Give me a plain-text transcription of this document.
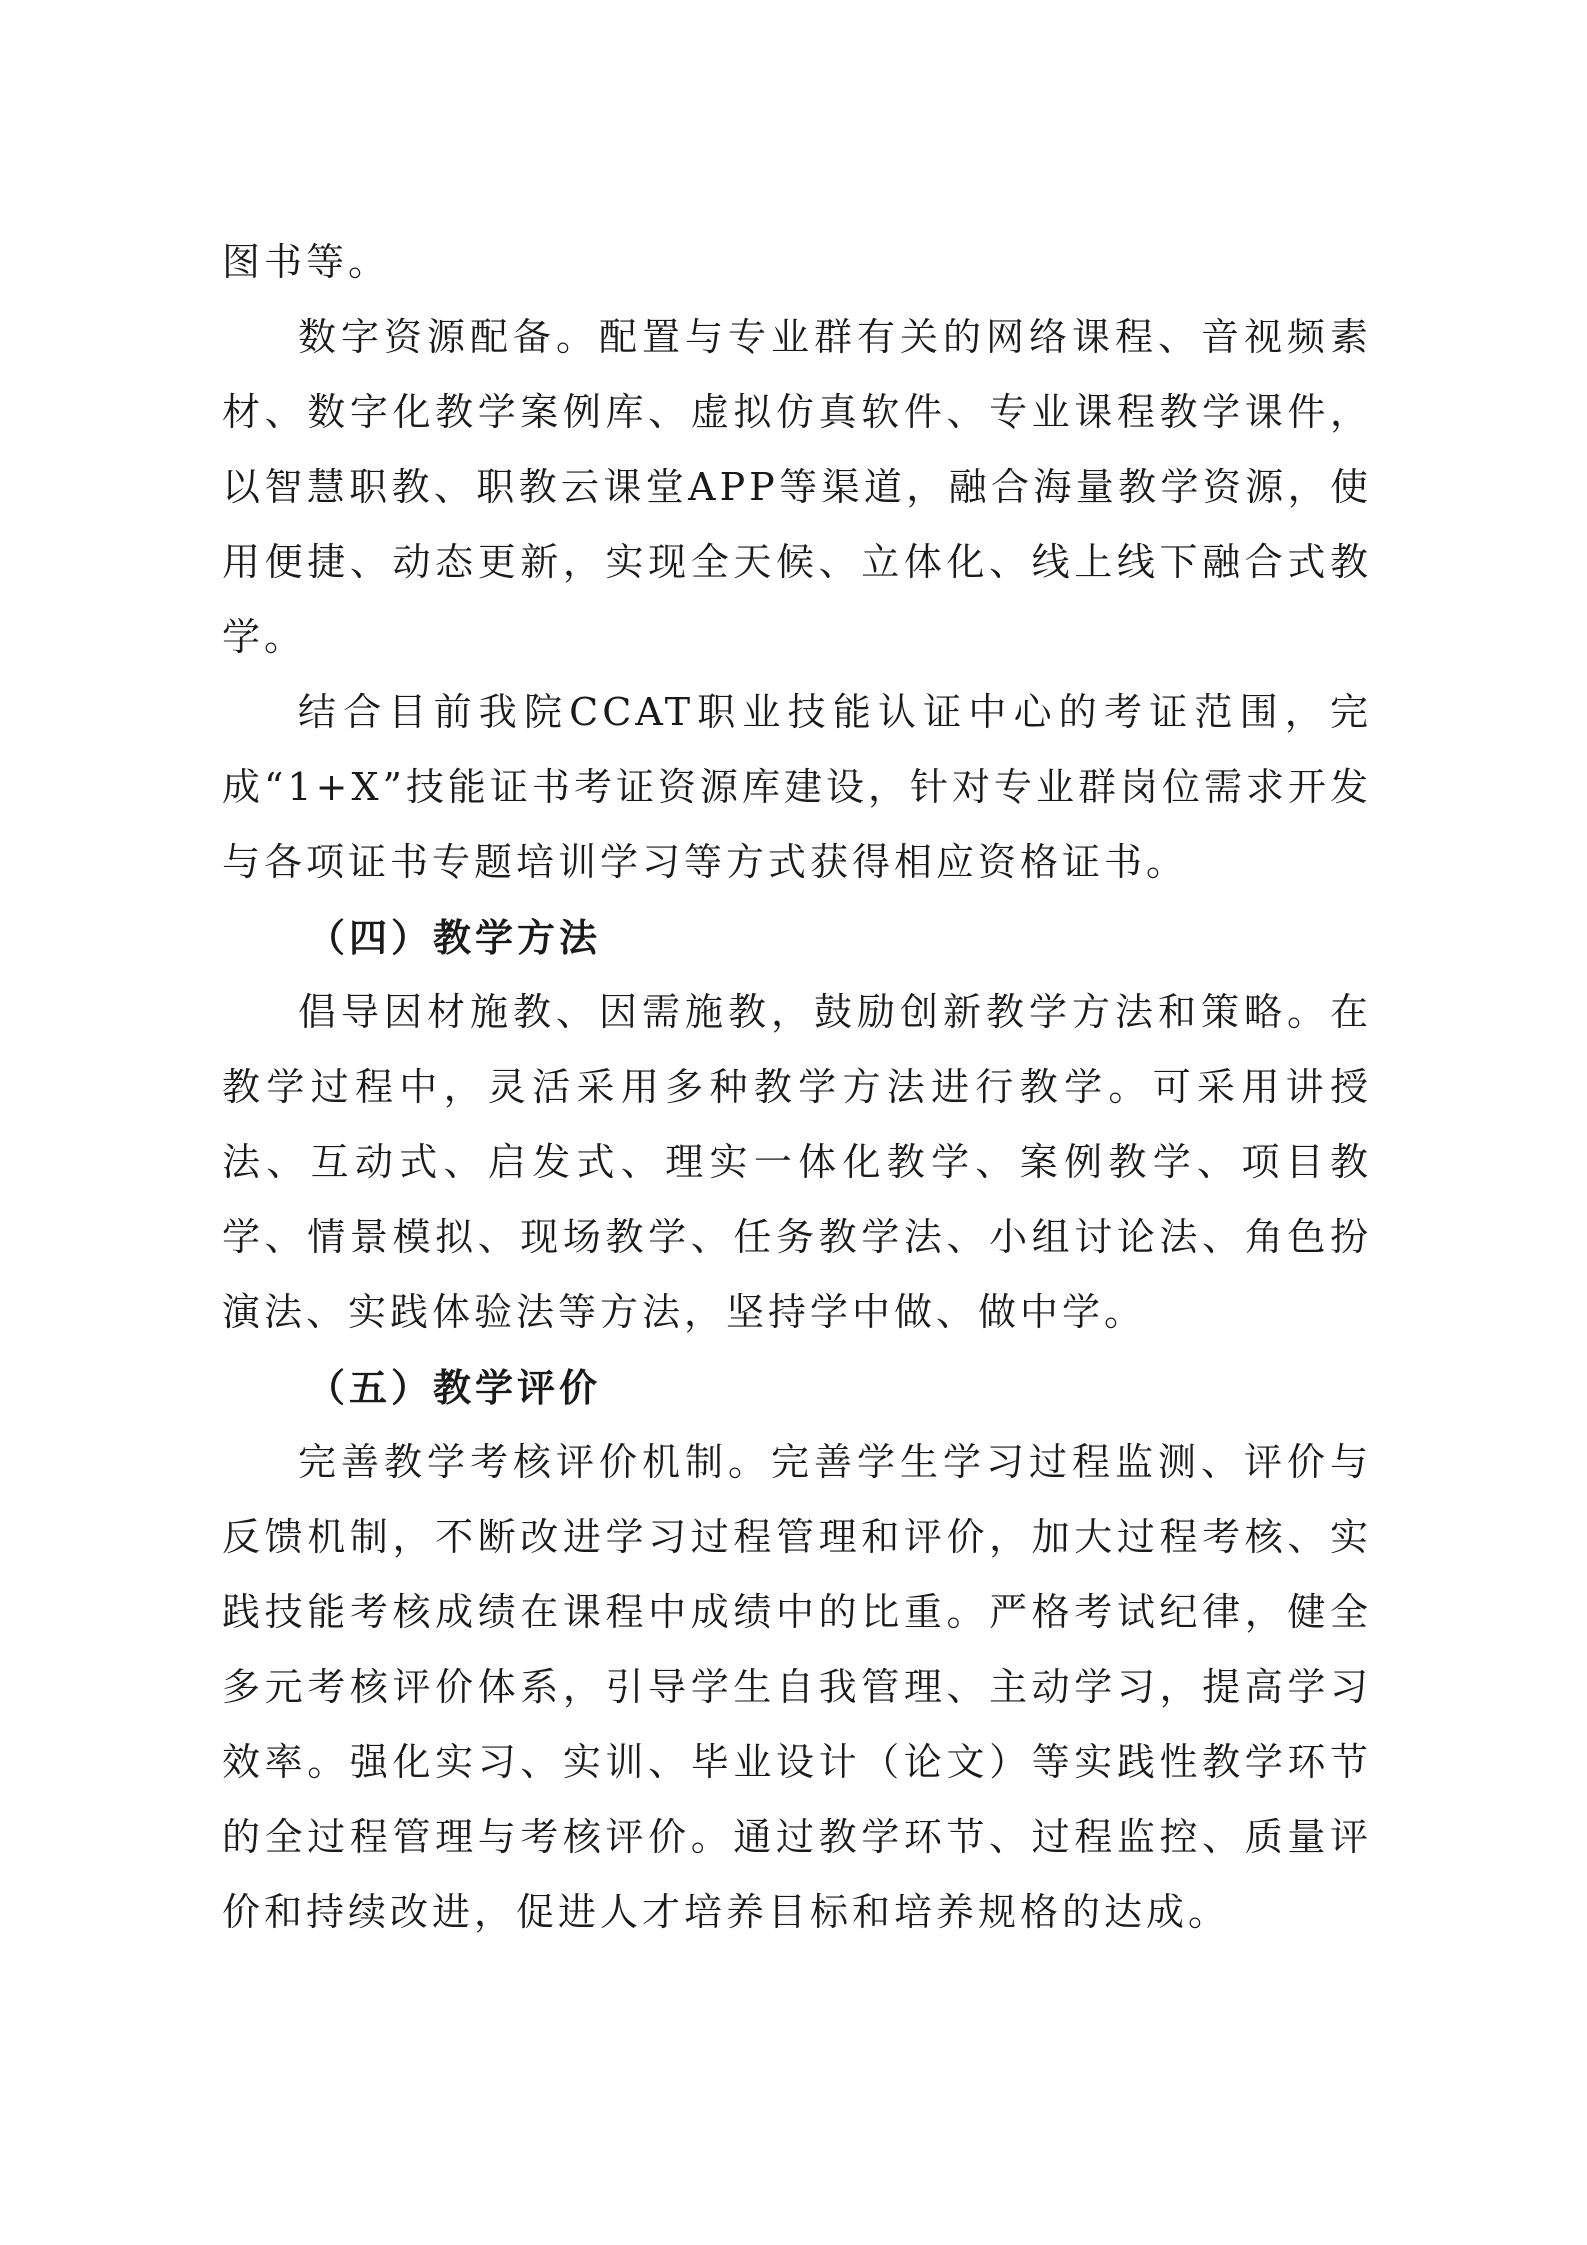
图书等。

数字资源配备。配置与专业群有关的网络课程、音视频素材、数字化教学案例库、虚拟仿真软件、专业课程教学课件，以智慧职教、职教云课堂APP等渠道，融合海量教学资源，使用便捷、动态更新，实现全天候、立体化、线上线下融合式教学。

结合目前我院CCAT职业技能认证中心的考证范围，完成“1+X”技能证书考证资源库建设，针对专业群岗位需求开发与各项证书专题培训学习等方式获得相应资格证书。

（四）教学方法

倡导因材施教、因需施教，鼓励创新教学方法和策略。在教学过程中，灵活采用多种教学方法进行教学。可采用讲授法、互动式、启发式、理实一体化教学、案例教学、项目教学、情景模拟、现场教学、任务教学法、小组讨论法、角色扮演法、实践体验法等方法，坚持学中做、做中学。

（五）教学评价

完善教学考核评价机制。完善学生学习过程监测、评价与反馈机制，不断改进学习过程管理和评价，加大过程考核、实践技能考核成绩在课程中成绩中的比重。严格考试纪律，健全多元考核评价体系，引导学生自我管理、主动学习，提高学习效率。强化实习、实训、毕业设计（论文）等实践性教学环节的全过程管理与考核评价。通过教学环节、过程监控、质量评价和持续改进，促进人才培养目标和培养规格的达成。
